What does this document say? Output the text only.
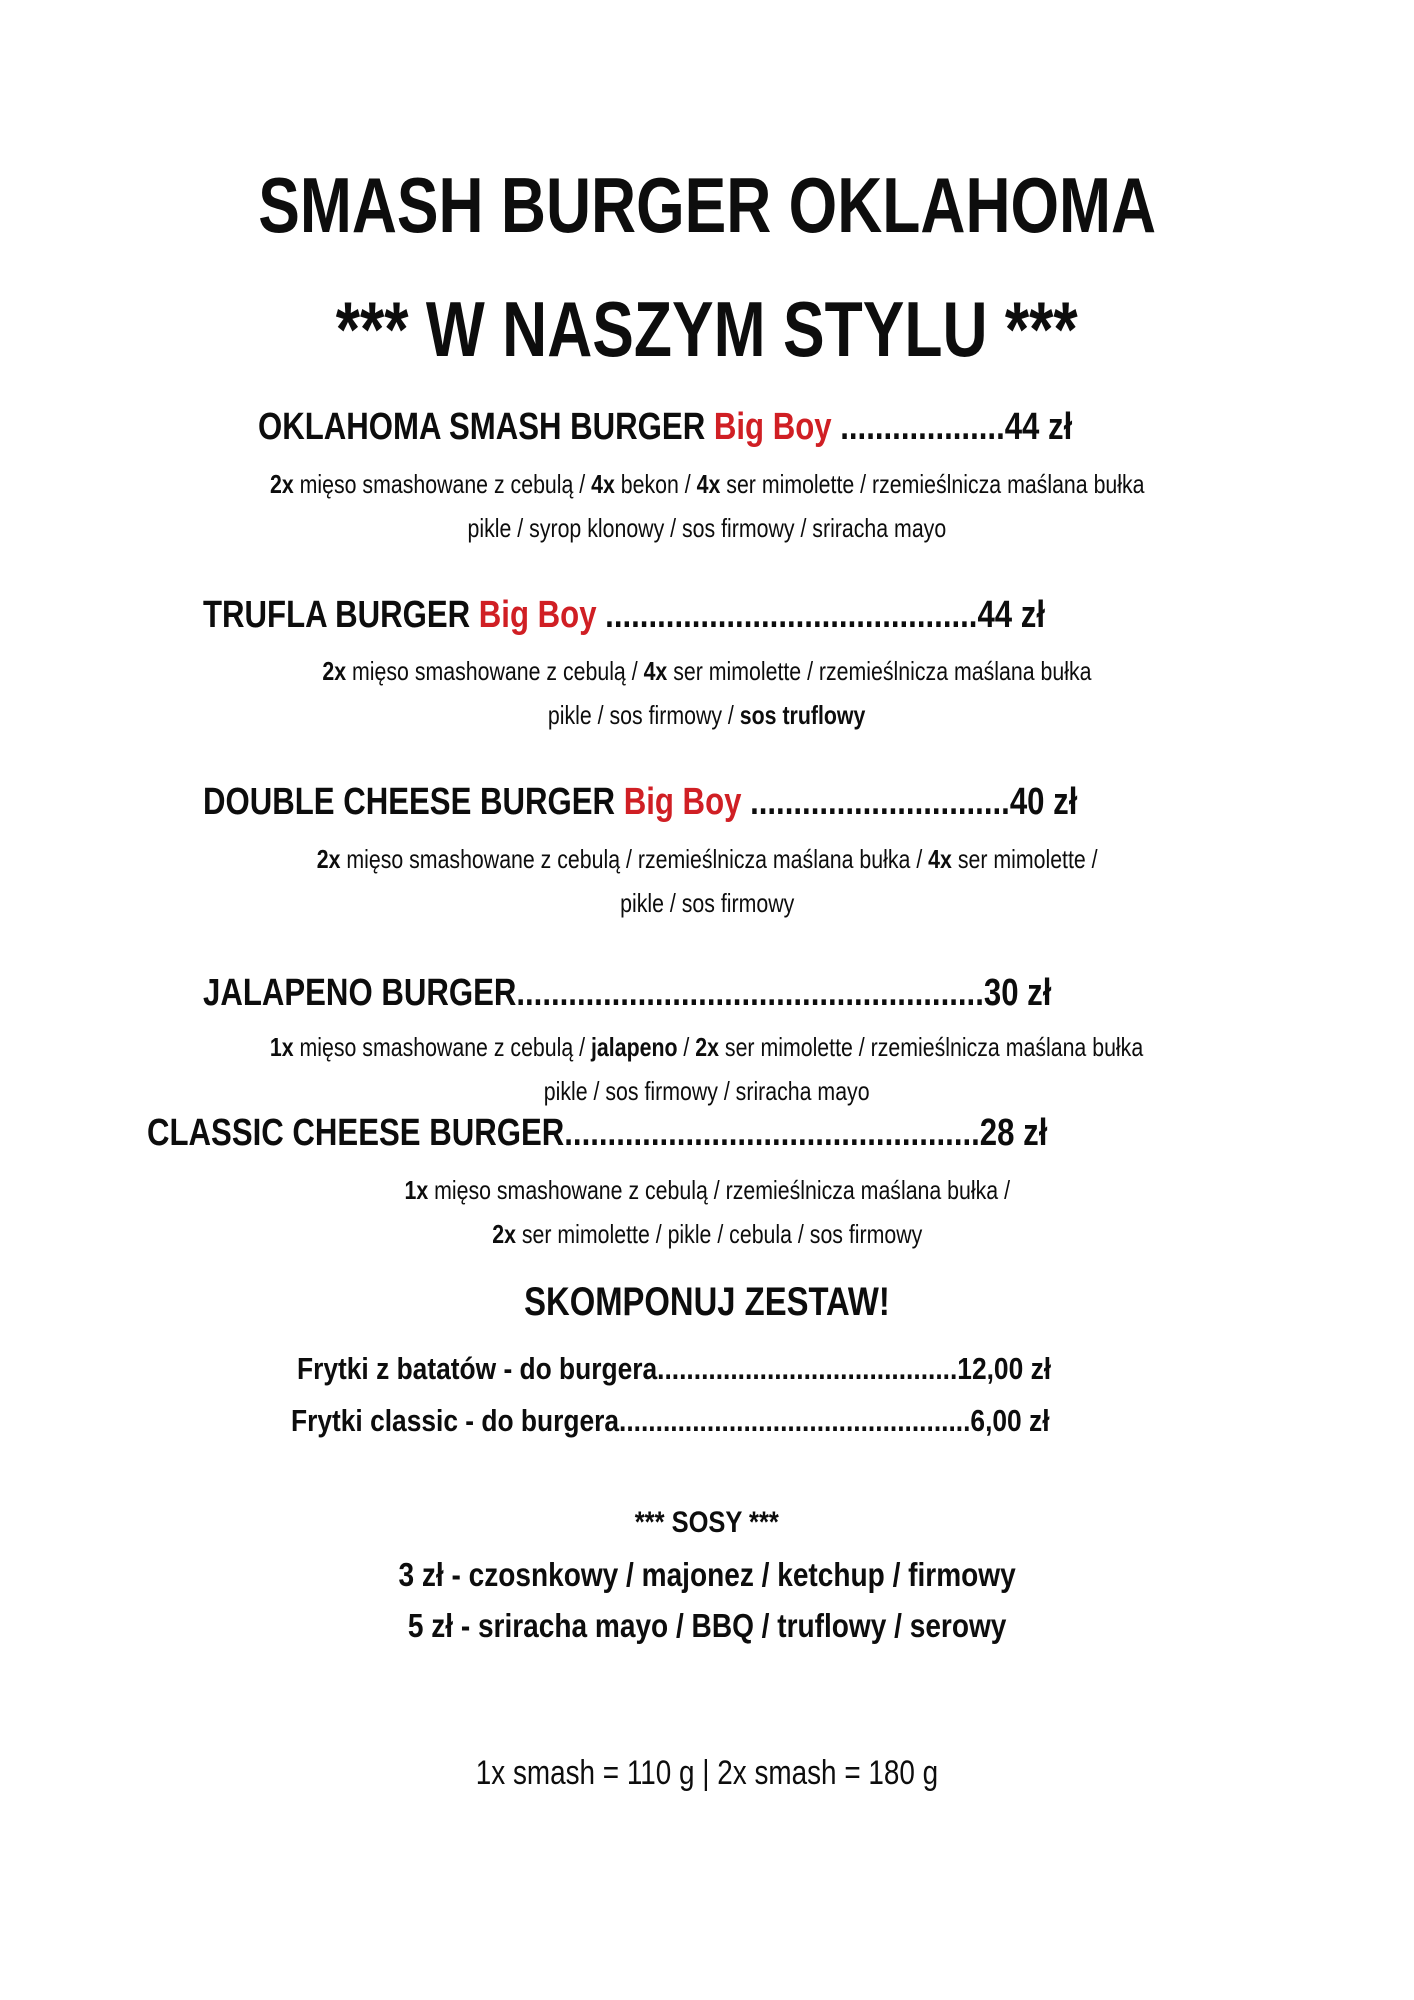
SMASH BURGER OKLAHOMA
*** W NASZYM STYLU ***
OKLAHOMA SMASH BURGER Big Boy ...................44 zł
2x mięso smashowane z cebulą / 4x bekon / 4x ser mimolette / rzemieślnicza maślana bułka
pikle / syrop klonowy / sos firmowy / sriracha mayo
TRUFLA BURGER Big Boy ...........................................44 zł
2x mięso smashowane z cebulą / 4x ser mimolette / rzemieślnicza maślana bułka
pikle / sos firmowy / sos truflowy
DOUBLE CHEESE BURGER Big Boy ..............................40 zł
2x mięso smashowane z cebulą / rzemieślnicza maślana bułka / 4x ser mimolette /
pikle / sos firmowy
JALAPENO BURGER......................................................30 zł
1x mięso smashowane z cebulą / jalapeno / 2x ser mimolette / rzemieślnicza maślana bułka
pikle / sos firmowy / sriracha mayo
CLASSIC CHEESE BURGER................................................28 zł
1x mięso smashowane z cebulą / rzemieślnicza maślana bułka /
2x ser mimolette / pikle / cebula / sos firmowy
SKOMPONUJ ZESTAW!
Frytki z batatów - do burgera.........................................12,00 zł
Frytki classic - do burgera................................................6,00 zł
*** SOSY ***
3 zł - czosnkowy / majonez / ketchup / firmowy
5 zł - sriracha mayo / BBQ / truflowy / serowy
1x smash = 110 g | 2x smash = 180 g
